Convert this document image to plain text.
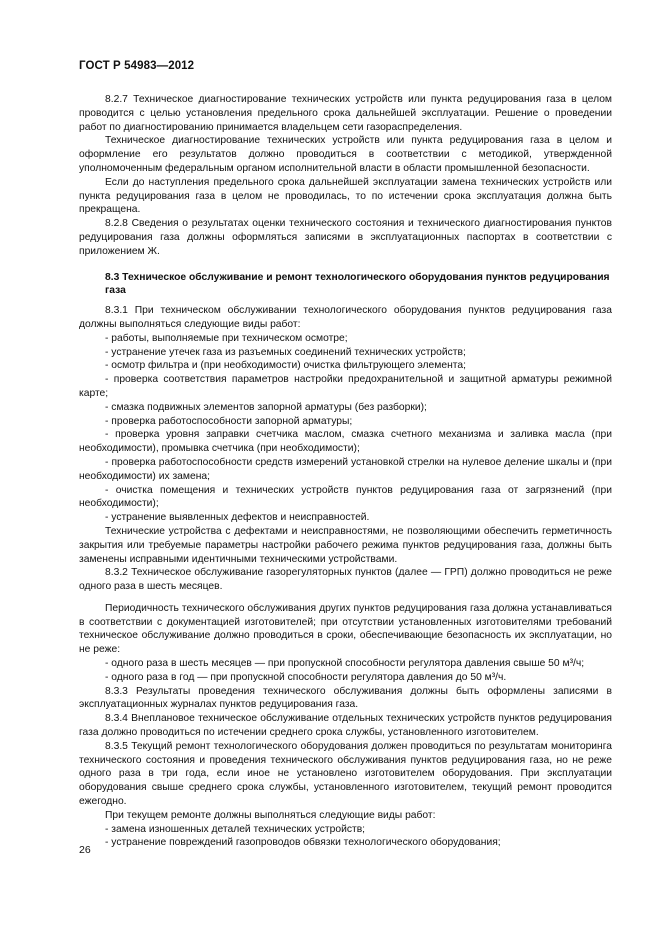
ГОСТ Р 54983—2012

8.2.7 Техническое диагностирование технических устройств или пункта редуцирования газа в целом проводится с целью установления предельного срока дальнейшей эксплуатации. Решение о проведении работ по диагностированию принимается владельцем сети газораспределения.

Техническое диагностирование технических устройств или пункта редуцирования газа в целом и оформление его результатов должно проводиться в соответствии с методикой, утвержденной уполномоченным федеральным органом исполнительной власти в области промышленной безопасности.

Если до наступления предельного срока дальнейшей эксплуатации замена технических устройств или пункта редуцирования газа в целом не проводилась, то по истечении срока эксплуатация должна быть прекращена.

8.2.8 Сведения о результатах оценки технического состояния и технического диагностирования пунктов редуцирования газа должны оформляться записями в эксплуатационных паспортах в соответствии с приложением Ж.

8.3 Техническое обслуживание и ремонт технологического оборудования пунктов редуцирования газа

8.3.1 При техническом обслуживании технологического оборудования пунктов редуцирования газа должны выполняться следующие виды работ:

- работы, выполняемые при техническом осмотре;

- устранение утечек газа из разъемных соединений технических устройств;

- осмотр фильтра и (при необходимости) очистка фильтрующего элемента;

- проверка соответствия параметров настройки предохранительной и защитной арматуры режимной карте;

- смазка подвижных элементов запорной арматуры (без разборки);

- проверка работоспособности запорной арматуры;

- проверка уровня заправки счетчика маслом, смазка счетного механизма и заливка масла (при необходимости), промывка счетчика (при необходимости);

- проверка работоспособности средств измерений установкой стрелки на нулевое деление шкалы и (при необходимости) их замена;

- очистка помещения и технических устройств пунктов редуцирования газа от загрязнений (при необходимости);

- устранение выявленных дефектов и неисправностей.

Технические устройства с дефектами и неисправностями, не позволяющими обеспечить герметичность закрытия или требуемые параметры настройки рабочего режима пунктов редуцирования газа, должны быть заменены исправными идентичными техническими устройствами.

8.3.2 Техническое обслуживание газорегуляторных пунктов (далее — ГРП) должно проводиться не реже одного раза в шесть месяцев.

Периодичность технического обслуживания других пунктов редуцирования газа должна устанавливаться в соответствии с документацией изготовителей; при отсутствии установленных изготовителями требований техническое обслуживание должно проводиться в сроки, обеспечивающие безопасность их эксплуатации, но не реже:

- одного раза в шесть месяцев — при пропускной способности регулятора давления свыше 50 м³/ч;

- одного раза в год — при пропускной способности регулятора давления до 50 м³/ч.

8.3.3 Результаты проведения технического обслуживания должны быть оформлены записями в эксплуатационных журналах пунктов редуцирования газа.

8.3.4 Внеплановое техническое обслуживание отдельных технических устройств пунктов редуцирования газа должно проводиться по истечении среднего срока службы, установленного изготовителем.

8.3.5 Текущий ремонт технологического оборудования должен проводиться по результатам мониторинга технического состояния и проведения технического обслуживания пунктов редуцирования газа, но не реже одного раза в три года, если иное не установлено изготовителем оборудования. При эксплуатации оборудования свыше среднего срока службы, установленного изготовителем, текущий ремонт проводится ежегодно.

При текущем ремонте должны выполняться следующие виды работ:

- замена изношенных деталей технических устройств;

- устранение повреждений газопроводов обвязки технологического оборудования;

26
